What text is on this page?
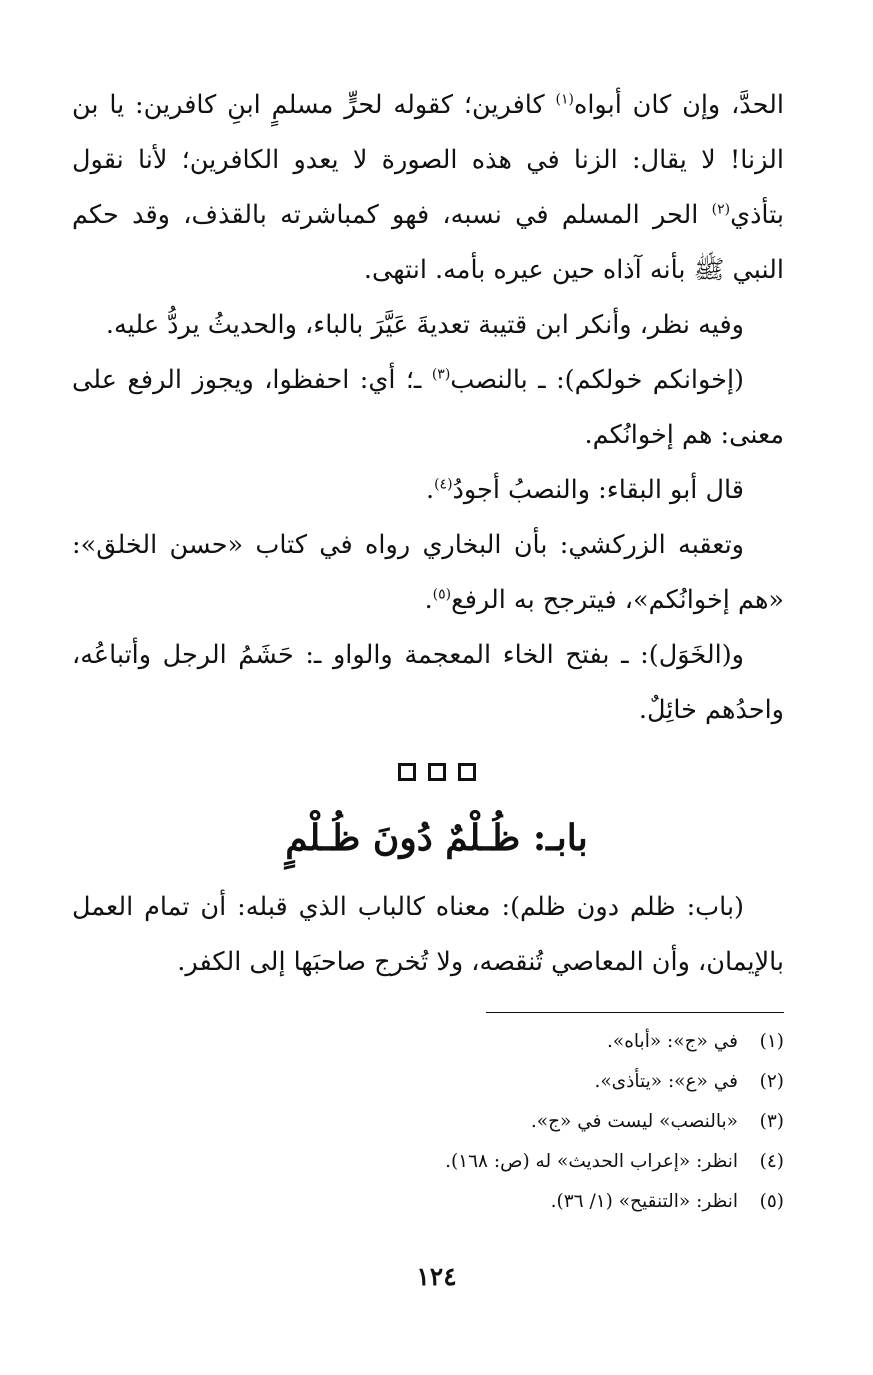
الحدَّ، وإن كان أبواه$^{(١)}$ كافرين؛ كقوله لحرٍّ مسلمٍ ابنِ كافرين: يا بن الزنا! لا يقال: الزنا في هذه الصورة لا يعدو الكافرين؛ لأنا نقول بتأذي$^{(٢)}$ الحر المسلم في نسبه، فهو كمباشرته بالقذف، وقد حكم النبي ﷺ بأنه آذاه حين عيره بأمه. انتهى.

وفيه نظر، وأنكر ابن قتيبة تعديةَ عَيَّرَ بالباء، والحديثُ يردُّ عليه.

(إخوانكم خولكم): ـ بالنصب$^{(٣)}$ ـ؛ أي: احفظوا، ويجوز الرفع على معنى: هم إخوانُكم.

قال أبو البقاء: والنصبُ أجودُ$^{(٤)}$.

وتعقبه الزركشي: بأن البخاري رواه في كتاب «حسن الخلق»: «هم إخوانُكم»، فيترجح به الرفع$^{(٥)}$.

و(الخَوَل): ـ بفتح الخاء المعجمة والواو ـ: حَشَمُ الرجل وأتباعُه، واحدُهم خائِلٌ.

بابـ: ظُـلْمٌ دُونَ ظُـلْمٍ

(باب: ظلم دون ظلم): معناه كالباب الذي قبله: أن تمام العمل بالإيمان، وأن المعاصي تُنقصه، ولا تُخرج صاحبَها إلى الكفر.

(١)
في «ج»: «أباه».
(٢)
في «ع»: «يتأذى».
(٣)
«بالنصب» ليست في «ج».
(٤)
انظر: «إعراب الحديث» له (ص: ١٦٨).
(٥)
انظر: «التنقيح» (١/ ٣٦).
١٢٤
